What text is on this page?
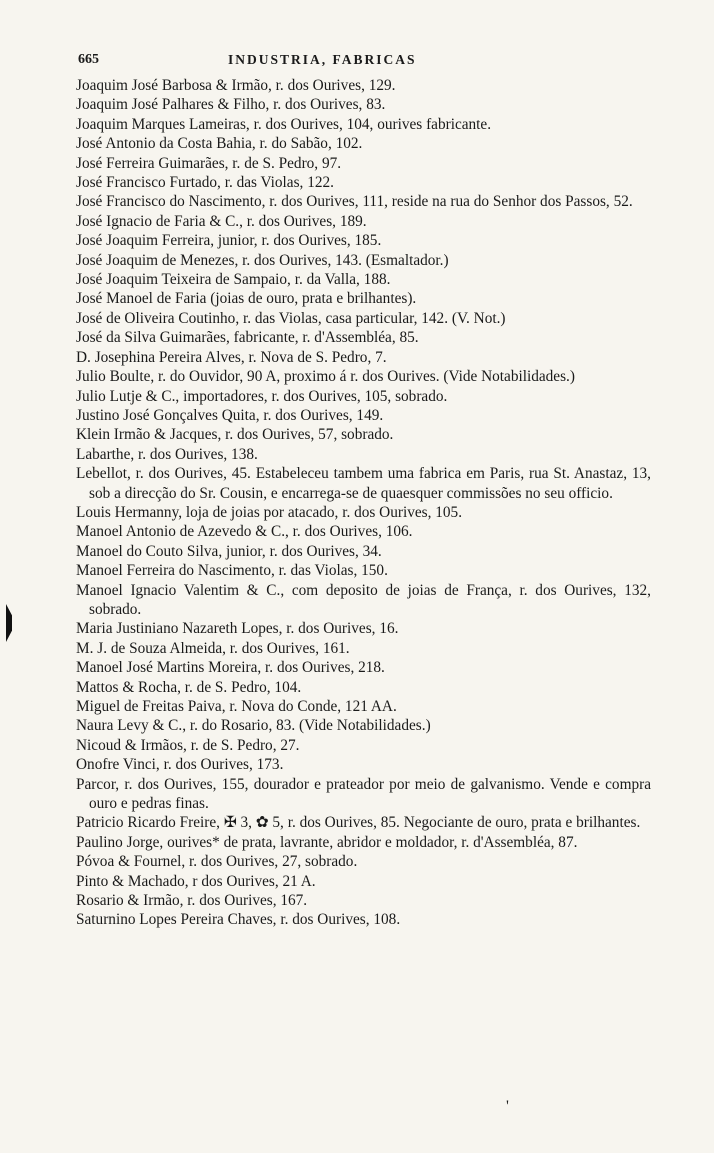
665	INDUSTRIA, FABRICAS

Joaquim José Barbosa & Irmão, r. dos Ourives, 129.

Joaquim José Palhares & Filho, r. dos Ourives, 83.

Joaquim Marques Lameiras, r. dos Ourives, 104, ourives fabricante.

José Antonio da Costa Bahia, r. do Sabão, 102.

José Ferreira Guimarães, r. de S. Pedro, 97.

José Francisco Furtado, r. das Violas, 122.

José Francisco do Nascimento, r. dos Ourives, 111, reside na rua do Senhor dos Passos, 52.

José Ignacio de Faria & C., r. dos Ourives, 189.

José Joaquim Ferreira, junior, r. dos Ourives, 185.

José Joaquim de Menezes, r. dos Ourives, 143. (Esmaltador.)

José Joaquim Teixeira de Sampaio, r. da Valla, 188.

José Manoel de Faria (joias de ouro, prata e brilhantes).

José de Oliveira Coutinho, r. das Violas, casa particular, 142. (V. Not.)

José da Silva Guimarães, fabricante, r. d'Assembléa, 85.

D. Josephina Pereira Alves, r. Nova de S. Pedro, 7.

Julio Boulte, r. do Ouvidor, 90 A, proximo á r. dos Ourives. (Vide Notabilidades.)

Julio Lutje & C., importadores, r. dos Ourives, 105, sobrado.

Justino José Gonçalves Quita, r. dos Ourives, 149.

Klein Irmão & Jacques, r. dos Ourives, 57, sobrado.

Labarthe, r. dos Ourives, 138.

Lebellot, r. dos Ourives, 45. Estabeleceu tambem uma fabrica em Paris, rua St. Anastaz, 13, sob a direcção do Sr. Cousin, e encarrega-se de quaesquer commissões no seu officio.

Louis Hermanny, loja de joias por atacado, r. dos Ourives, 105.

Manoel Antonio de Azevedo & C., r. dos Ourives, 106.

Manoel do Couto Silva, junior, r. dos Ourives, 34.

Manoel Ferreira do Nascimento, r. das Violas, 150.

Manoel Ignacio Valentim & C., com deposito de joias de França, r. dos Ourives, 132, sobrado.

Maria Justiniano Nazareth Lopes, r. dos Ourives, 16.

M. J. de Souza Almeida, r. dos Ourives, 161.

Manoel José Martins Moreira, r. dos Ourives, 218.

Mattos & Rocha, r. de S. Pedro, 104.

Miguel de Freitas Paiva, r. Nova do Conde, 121 AA.

Naura Levy & C., r. do Rosario, 83. (Vide Notabilidades.)

Nicoud & Irmãos, r. de S. Pedro, 27.

Onofre Vinci, r. dos Ourives, 173.

Parcor, r. dos Ourives, 155, dourador e prateador por meio de galvanismo. Vende e compra ouro e pedras finas.

Patricio Ricardo Freire, ✠ 3, ✿ 5, r. dos Ourives, 85. Negociante de ouro, prata e brilhantes.

Paulino Jorge, ourives* de prata, lavrante, abridor e moldador, r. d'Assembléa, 87.

Póvoa & Fournel, r. dos Ourives, 27, sobrado.

Pinto & Machado, r dos Ourives, 21 A.

Rosario & Irmão, r. dos Ourives, 167.

Saturnino Lopes Pereira Chaves, r. dos Ourives, 108.

'
